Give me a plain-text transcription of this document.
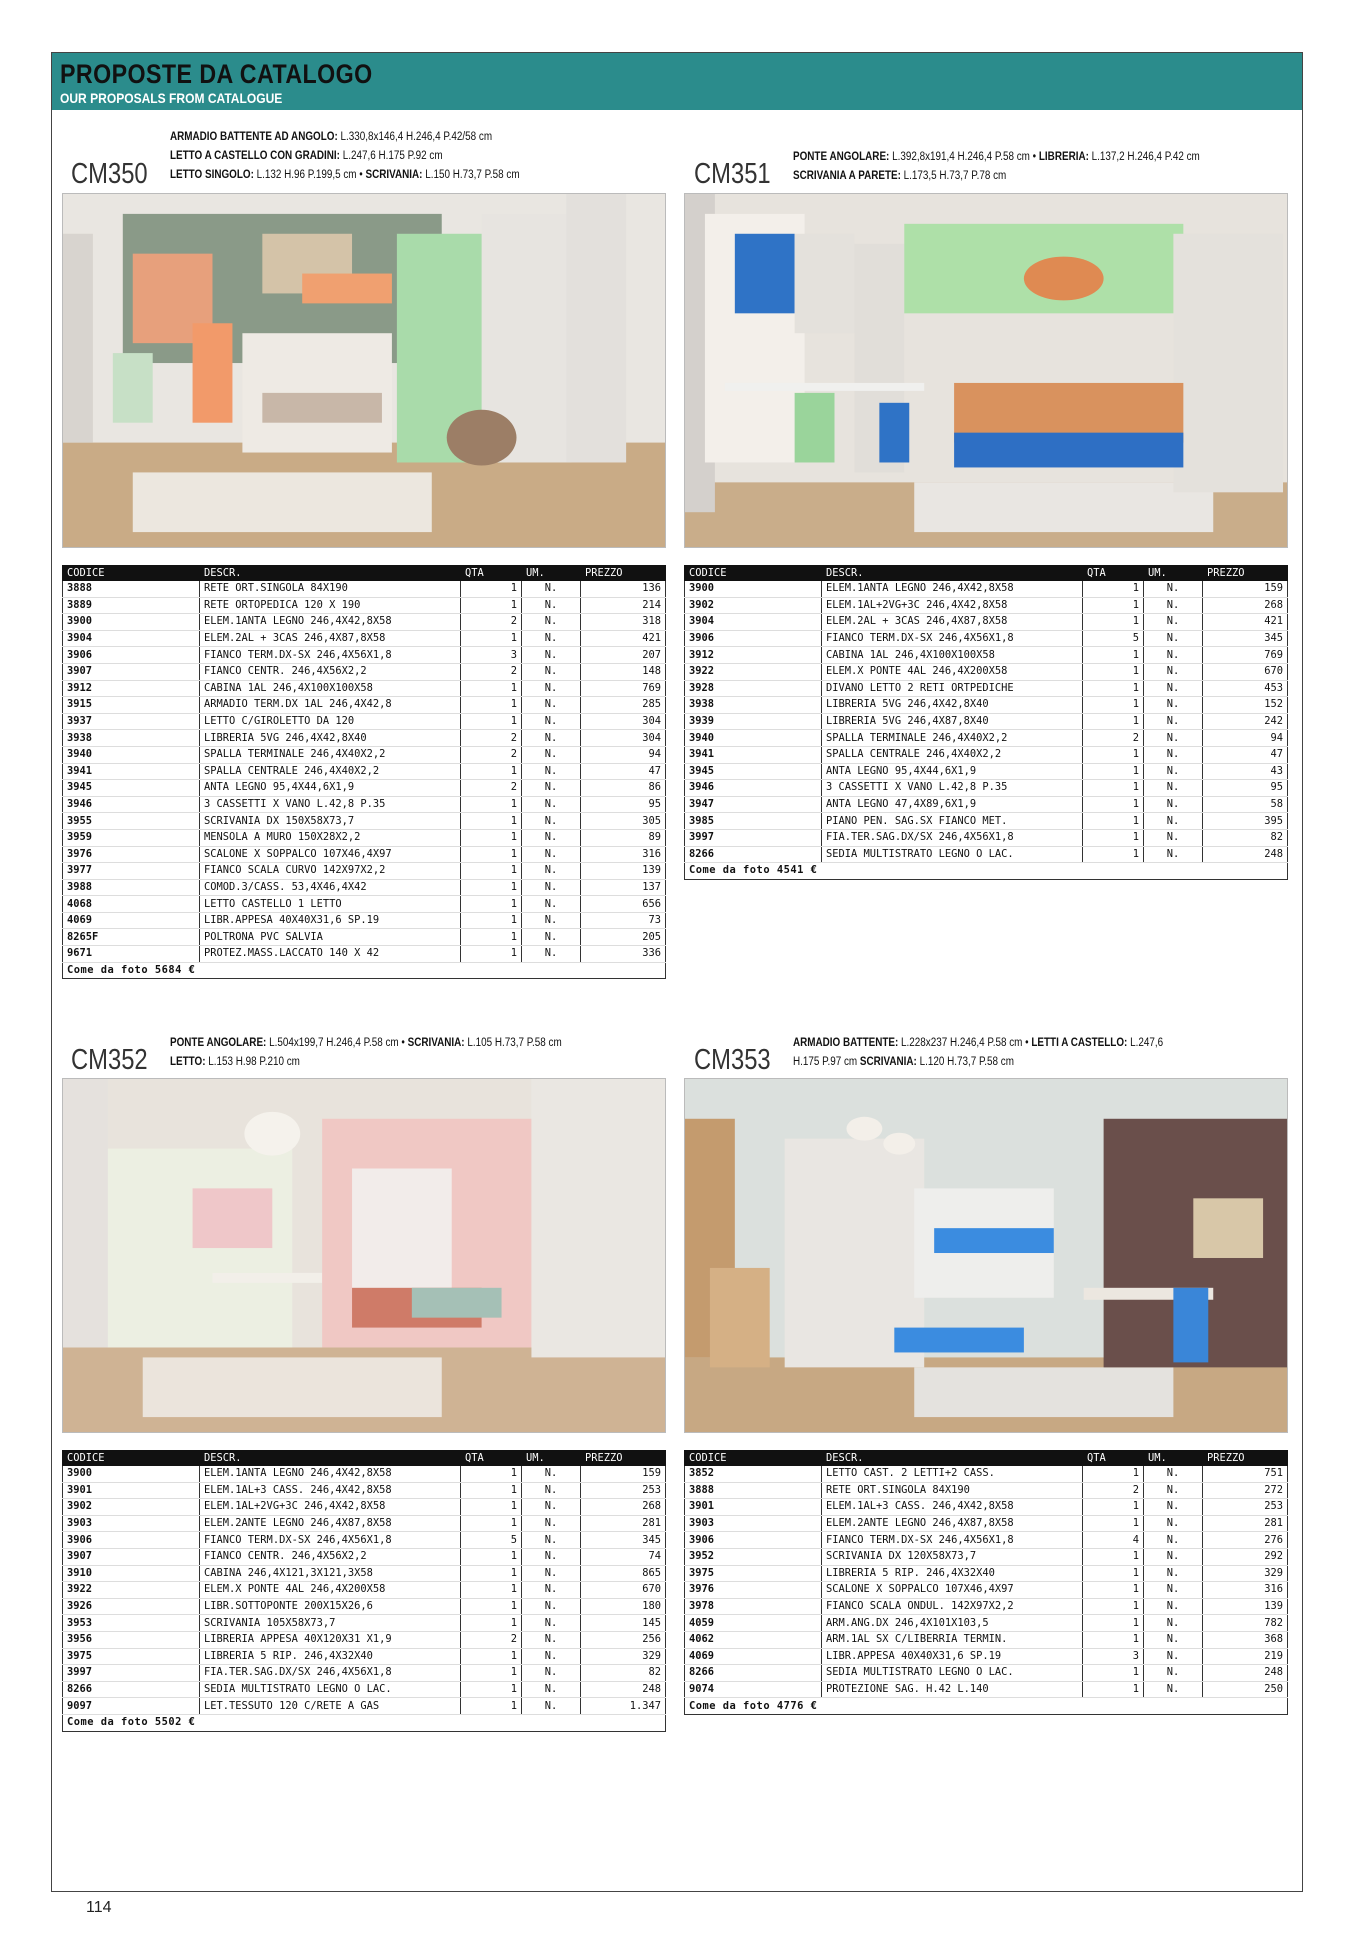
PROPOSTE DA CATALOGO
OUR PROPOSALS FROM CATALOGUE
CM350
ARMADIO BATTENTE AD ANGOLO: L.330,8x146,4 H.246,4 P.42/58 cm
LETTO A CASTELLO CON GRADINI: L.247,6 H.175 P.92 cm
LETTO SINGOLO: L.132 H.96 P.199,5 cm • SCRIVANIA: L.150 H.73,7 P.58 cm
CODICE	DESCR.	QTA	UM.	PREZZO
3888	RETE ORT.SINGOLA 84X190	1	N.	136
3889	RETE ORTOPEDICA 120 X 190	1	N.	214
3900	ELEM.1ANTA LEGNO 246,4X42,8X58	2	N.	318
3904	ELEM.2AL + 3CAS 246,4X87,8X58	1	N.	421
3906	FIANCO TERM.DX-SX 246,4X56X1,8	3	N.	207
3907	FIANCO CENTR. 246,4X56X2,2	2	N.	148
3912	CABINA 1AL 246,4X100X100X58	1	N.	769
3915	ARMADIO TERM.DX 1AL 246,4X42,8	1	N.	285
3937	LETTO C/GIROLETTO DA 120	1	N.	304
3938	LIBRERIA 5VG 246,4X42,8X40	2	N.	304
3940	SPALLA TERMINALE 246,4X40X2,2	2	N.	94
3941	SPALLA CENTRALE 246,4X40X2,2	1	N.	47
3945	ANTA LEGNO 95,4X44,6X1,9	2	N.	86
3946	3 CASSETTI X VANO L.42,8 P.35	1	N.	95
3955	SCRIVANIA DX 150X58X73,7	1	N.	305
3959	MENSOLA A MURO 150X28X2,2	1	N.	89
3976	SCALONE X SOPPALCO 107X46,4X97	1	N.	316
3977	FIANCO SCALA CURVO 142X97X2,2	1	N.	139
3988	COMOD.3/CASS. 53,4X46,4X42	1	N.	137
4068	LETTO CASTELLO 1 LETTO	1	N.	656
4069	LIBR.APPESA 40X40X31,6 SP.19	1	N.	73
8265F	POLTRONA PVC SALVIA	1	N.	205
9671	PROTEZ.MASS.LACCATO 140 X 42	1	N.	336
Come da foto 5684 €				
CM351
PONTE ANGOLARE: L.392,8x191,4 H.246,4 P.58 cm • LIBRERIA: L.137,2 H.246,4 P.42 cm
SCRIVANIA A PARETE: L.173,5 H.73,7 P.78 cm
CODICE	DESCR.	QTA	UM.	PREZZO
3900	ELEM.1ANTA LEGNO 246,4X42,8X58	1	N.	159
3902	ELEM.1AL+2VG+3C 246,4X42,8X58	1	N.	268
3904	ELEM.2AL + 3CAS 246,4X87,8X58	1	N.	421
3906	FIANCO TERM.DX-SX 246,4X56X1,8	5	N.	345
3912	CABINA 1AL 246,4X100X100X58	1	N.	769
3922	ELEM.X PONTE 4AL 246,4X200X58	1	N.	670
3928	DIVANO LETTO 2 RETI ORTPEDICHE	1	N.	453
3938	LIBRERIA 5VG 246,4X42,8X40	1	N.	152
3939	LIBRERIA 5VG 246,4X87,8X40	1	N.	242
3940	SPALLA TERMINALE 246,4X40X2,2	2	N.	94
3941	SPALLA CENTRALE 246,4X40X2,2	1	N.	47
3945	ANTA LEGNO 95,4X44,6X1,9	1	N.	43
3946	3 CASSETTI X VANO L.42,8 P.35	1	N.	95
3947	ANTA LEGNO 47,4X89,6X1,9	1	N.	58
3985	PIANO PEN. SAG.SX FIANCO MET.	1	N.	395
3997	FIA.TER.SAG.DX/SX 246,4X56X1,8	1	N.	82
8266	SEDIA MULTISTRATO LEGNO O LAC.	1	N.	248
Come da foto 4541 €				
CM352
PONTE ANGOLARE: L.504x199,7 H.246,4 P.58 cm • SCRIVANIA: L.105 H.73,7 P.58 cm
LETTO: L.153 H.98 P.210 cm
CODICE	DESCR.	QTA	UM.	PREZZO
3900	ELEM.1ANTA LEGNO 246,4X42,8X58	1	N.	159
3901	ELEM.1AL+3 CASS. 246,4X42,8X58	1	N.	253
3902	ELEM.1AL+2VG+3C 246,4X42,8X58	1	N.	268
3903	ELEM.2ANTE LEGNO 246,4X87,8X58	1	N.	281
3906	FIANCO TERM.DX-SX 246,4X56X1,8	5	N.	345
3907	FIANCO CENTR. 246,4X56X2,2	1	N.	74
3910	CABINA 246,4X121,3X121,3X58	1	N.	865
3922	ELEM.X PONTE 4AL 246,4X200X58	1	N.	670
3926	LIBR.SOTTOPONTE 200X15X26,6	1	N.	180
3953	SCRIVANIA 105X58X73,7	1	N.	145
3956	LIBRERIA APPESA 40X120X31 X1,9	2	N.	256
3975	LIBRERIA 5 RIP. 246,4X32X40	1	N.	329
3997	FIA.TER.SAG.DX/SX 246,4X56X1,8	1	N.	82
8266	SEDIA MULTISTRATO LEGNO O LAC.	1	N.	248
9097	LET.TESSUTO 120 C/RETE A GAS	1	N.	1.347
Come da foto 5502 €				
CM353
ARMADIO BATTENTE: L.228x237 H.246,4 P.58 cm • LETTI A CASTELLO: L.247,6
H.175 P.97 cm SCRIVANIA: L.120 H.73,7 P.58 cm
CODICE	DESCR.	QTA	UM.	PREZZO
3852	LETTO CAST. 2 LETTI+2 CASS.	1	N.	751
3888	RETE ORT.SINGOLA 84X190	2	N.	272
3901	ELEM.1AL+3 CASS. 246,4X42,8X58	1	N.	253
3903	ELEM.2ANTE LEGNO 246,4X87,8X58	1	N.	281
3906	FIANCO TERM.DX-SX 246,4X56X1,8	4	N.	276
3952	SCRIVANIA DX 120X58X73,7	1	N.	292
3975	LIBRERIA 5 RIP. 246,4X32X40	1	N.	329
3976	SCALONE X SOPPALCO 107X46,4X97	1	N.	316
3978	FIANCO SCALA ONDUL. 142X97X2,2	1	N.	139
4059	ARM.ANG.DX 246,4X101X103,5	1	N.	782
4062	ARM.1AL SX C/LIBERRIA TERMIN.	1	N.	368
4069	LIBR.APPESA 40X40X31,6 SP.19	3	N.	219
8266	SEDIA MULTISTRATO LEGNO O LAC.	1	N.	248
9074	PROTEZIONE SAG. H.42 L.140	1	N.	250
Come da foto 4776 €				
114
